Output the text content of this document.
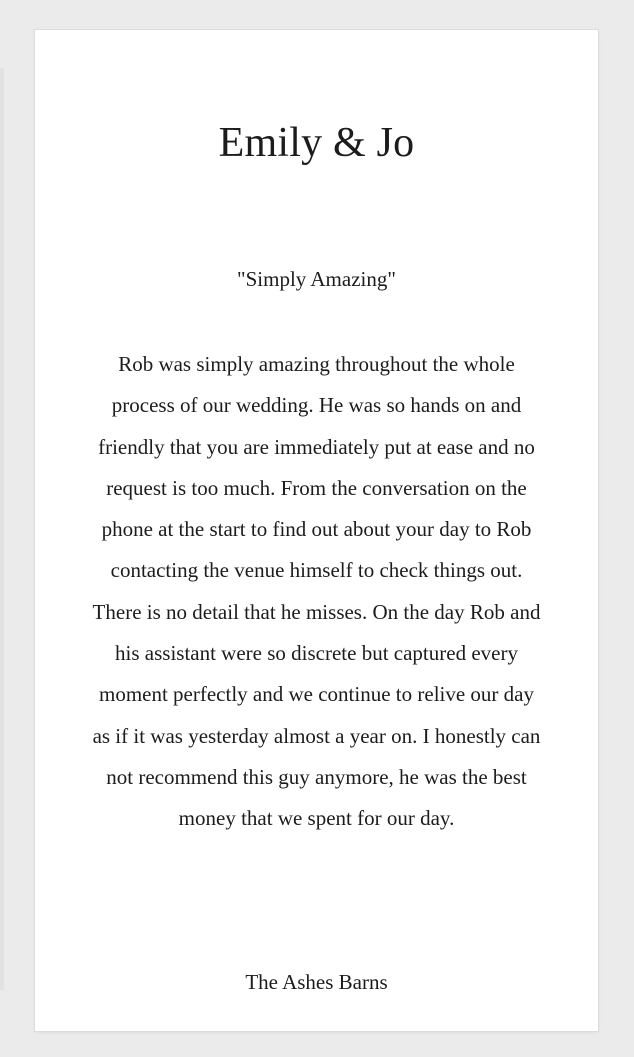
Emily & Jo

"Simply Amazing"

Rob was simply amazing throughout the whole process of our wedding. He was so hands on and friendly that you are immediately put at ease and no request is too much. From the conversation on the phone at the start to find out about your day to Rob contacting the venue himself to check things out. There is no detail that he misses. On the day Rob and his assistant were so discrete but captured every moment perfectly and we continue to relive our day as if it was yesterday almost a year on. I honestly can not recommend this guy anymore, he was the best money that we spent for our day.

The Ashes Barns
